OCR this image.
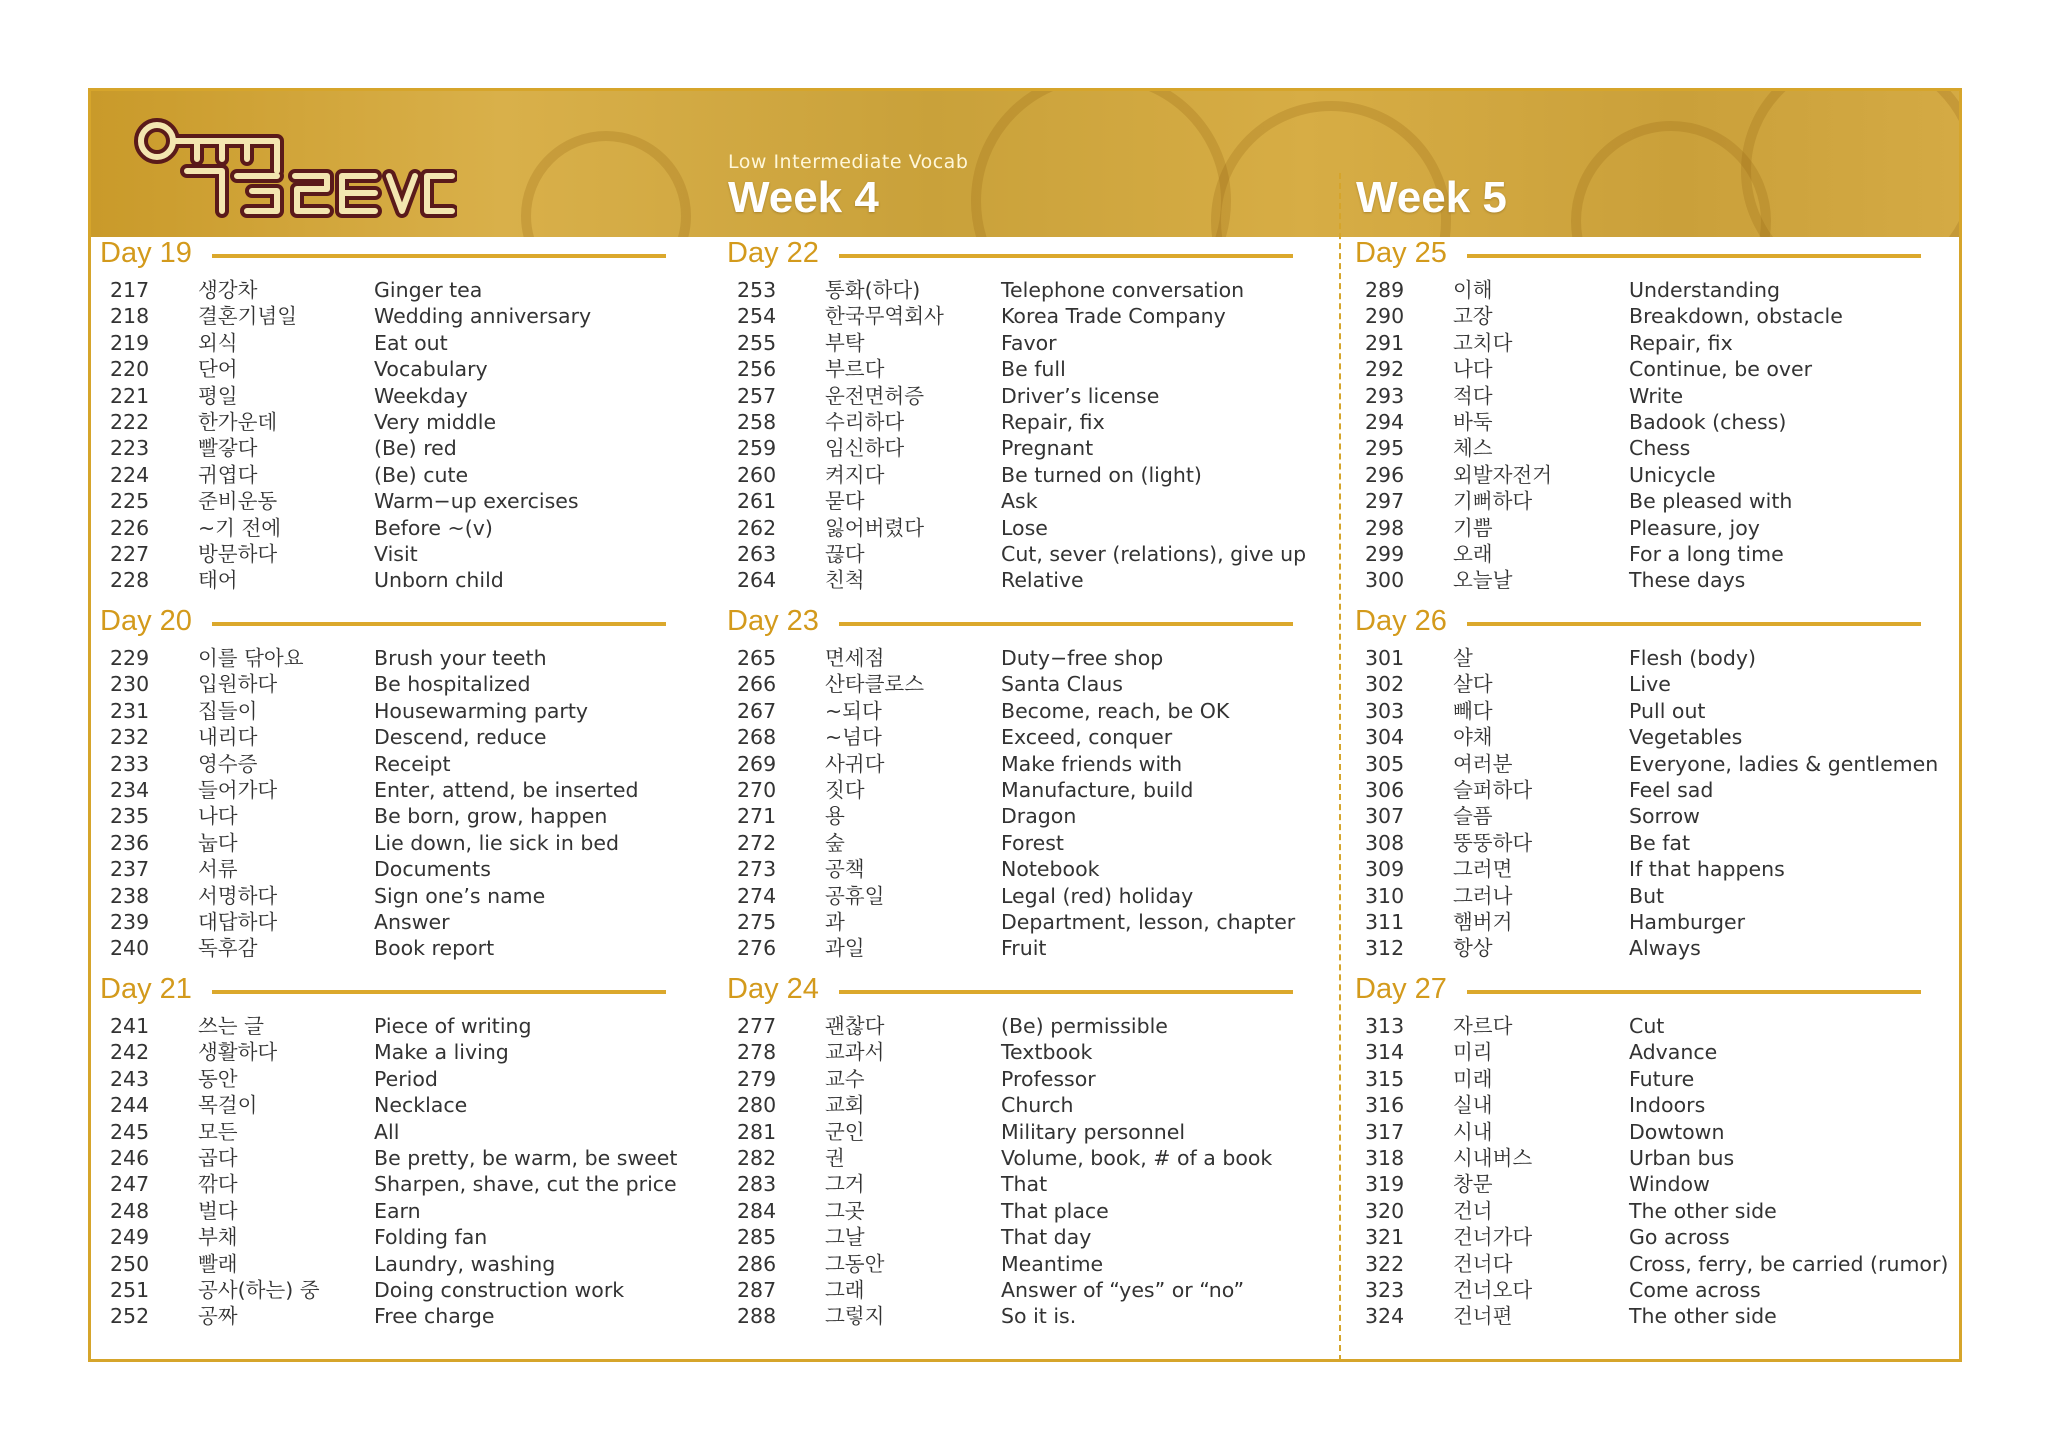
Low Intermediate Vocab
Week 4	Week 5
Day 19
217 생강차	Ginger tea
218 결혼기념일	Wedding anniversary
219 외식	Eat out
220 단어	Vocabulary
221 평일	Weekday
222 한가운데	Very middle
223 빨갛다	(Be) red
224 귀엽다	(Be) cute
225 준비운동	Warm−up exercises
226 ~기 전에	Before ~(v)
227 방문하다	Visit
228 태어	Unborn child
Day 20
229 이를 닦아요	Brush your teeth
230 입원하다	Be hospitalized
231 집들이	Housewarming party
232 내리다	Descend, reduce
233 영수증	Receipt
234 들어가다	Enter, attend, be inserted
235 나다	Be born, grow, happen
236 눕다	Lie down, lie sick in bed
237 서류	Documents
238 서명하다	Sign one’s name
239 대답하다	Answer
240 독후감	Book report
Day 21
241 쓰는 글	Piece of writing
242 생활하다	Make a living
243 동안	Period
244 목걸이	Necklace
245 모든	All
246 곱다	Be pretty, be warm, be sweet
247 깎다	Sharpen, shave, cut the price
248 벌다	Earn
249 부채	Folding fan
250 빨래	Laundry, washing
251 공사(하는) 중	Doing construction work
252 공짜	Free charge
Day 22
253 통화(하다)	Telephone conversation
254 한국무역회사	Korea Trade Company
255 부탁	Favor
256 부르다	Be full
257 운전면허증	Driver’s license
258 수리하다	Repair, fix
259 임신하다	Pregnant
260 켜지다	Be turned on (light)
261 묻다	Ask
262 잃어버렸다	Lose
263 끊다	Cut, sever (relations), give up
264 친척	Relative
Day 23
265 면세점	Duty−free shop
266 산타클로스	Santa Claus
267 ~되다	Become, reach, be OK
268 ~넘다	Exceed, conquer
269 사귀다	Make friends with
270 짓다	Manufacture, build
271 용	Dragon
272 숲	Forest
273 공책	Notebook
274 공휴일	Legal (red) holiday
275 과	Department, lesson, chapter
276 과일	Fruit
Day 24
277 괜찮다	(Be) permissible
278 교과서	Textbook
279 교수	Professor
280 교회	Church
281 군인	Military personnel
282 권	Volume, book, # of a book
283 그거	That
284 그곳	That place
285 그날	That day
286 그동안	Meantime
287 그래	Answer of “yes” or “no”
288 그렇지	So it is.
Day 25
289 이해	Understanding
290 고장	Breakdown, obstacle
291 고치다	Repair, fix
292 나다	Continue, be over
293 적다	Write
294 바둑	Badook (chess)
295 체스	Chess
296 외발자전거	Unicycle
297 기뻐하다	Be pleased with
298 기쁨	Pleasure, joy
299 오래	For a long time
300 오늘날	These days
Day 26
301 살	Flesh (body)
302 살다	Live
303 빼다	Pull out
304 야채	Vegetables
305 여러분	Everyone, ladies & gentlemen
306 슬퍼하다	Feel sad
307 슬픔	Sorrow
308 뚱뚱하다	Be fat
309 그러면	If that happens
310 그러나	But
311 햄버거	Hamburger
312 항상	Always
Day 27
313 자르다	Cut
314 미리	Advance
315 미래	Future
316 실내	Indoors
317 시내	Dowtown
318 시내버스	Urban bus
319 창문	Window
320 건너	The other side
321 건너가다	Go across
322 건너다	Cross, ferry, be carried (rumor)
323 건너오다	Come across
324 건너편	The other side
